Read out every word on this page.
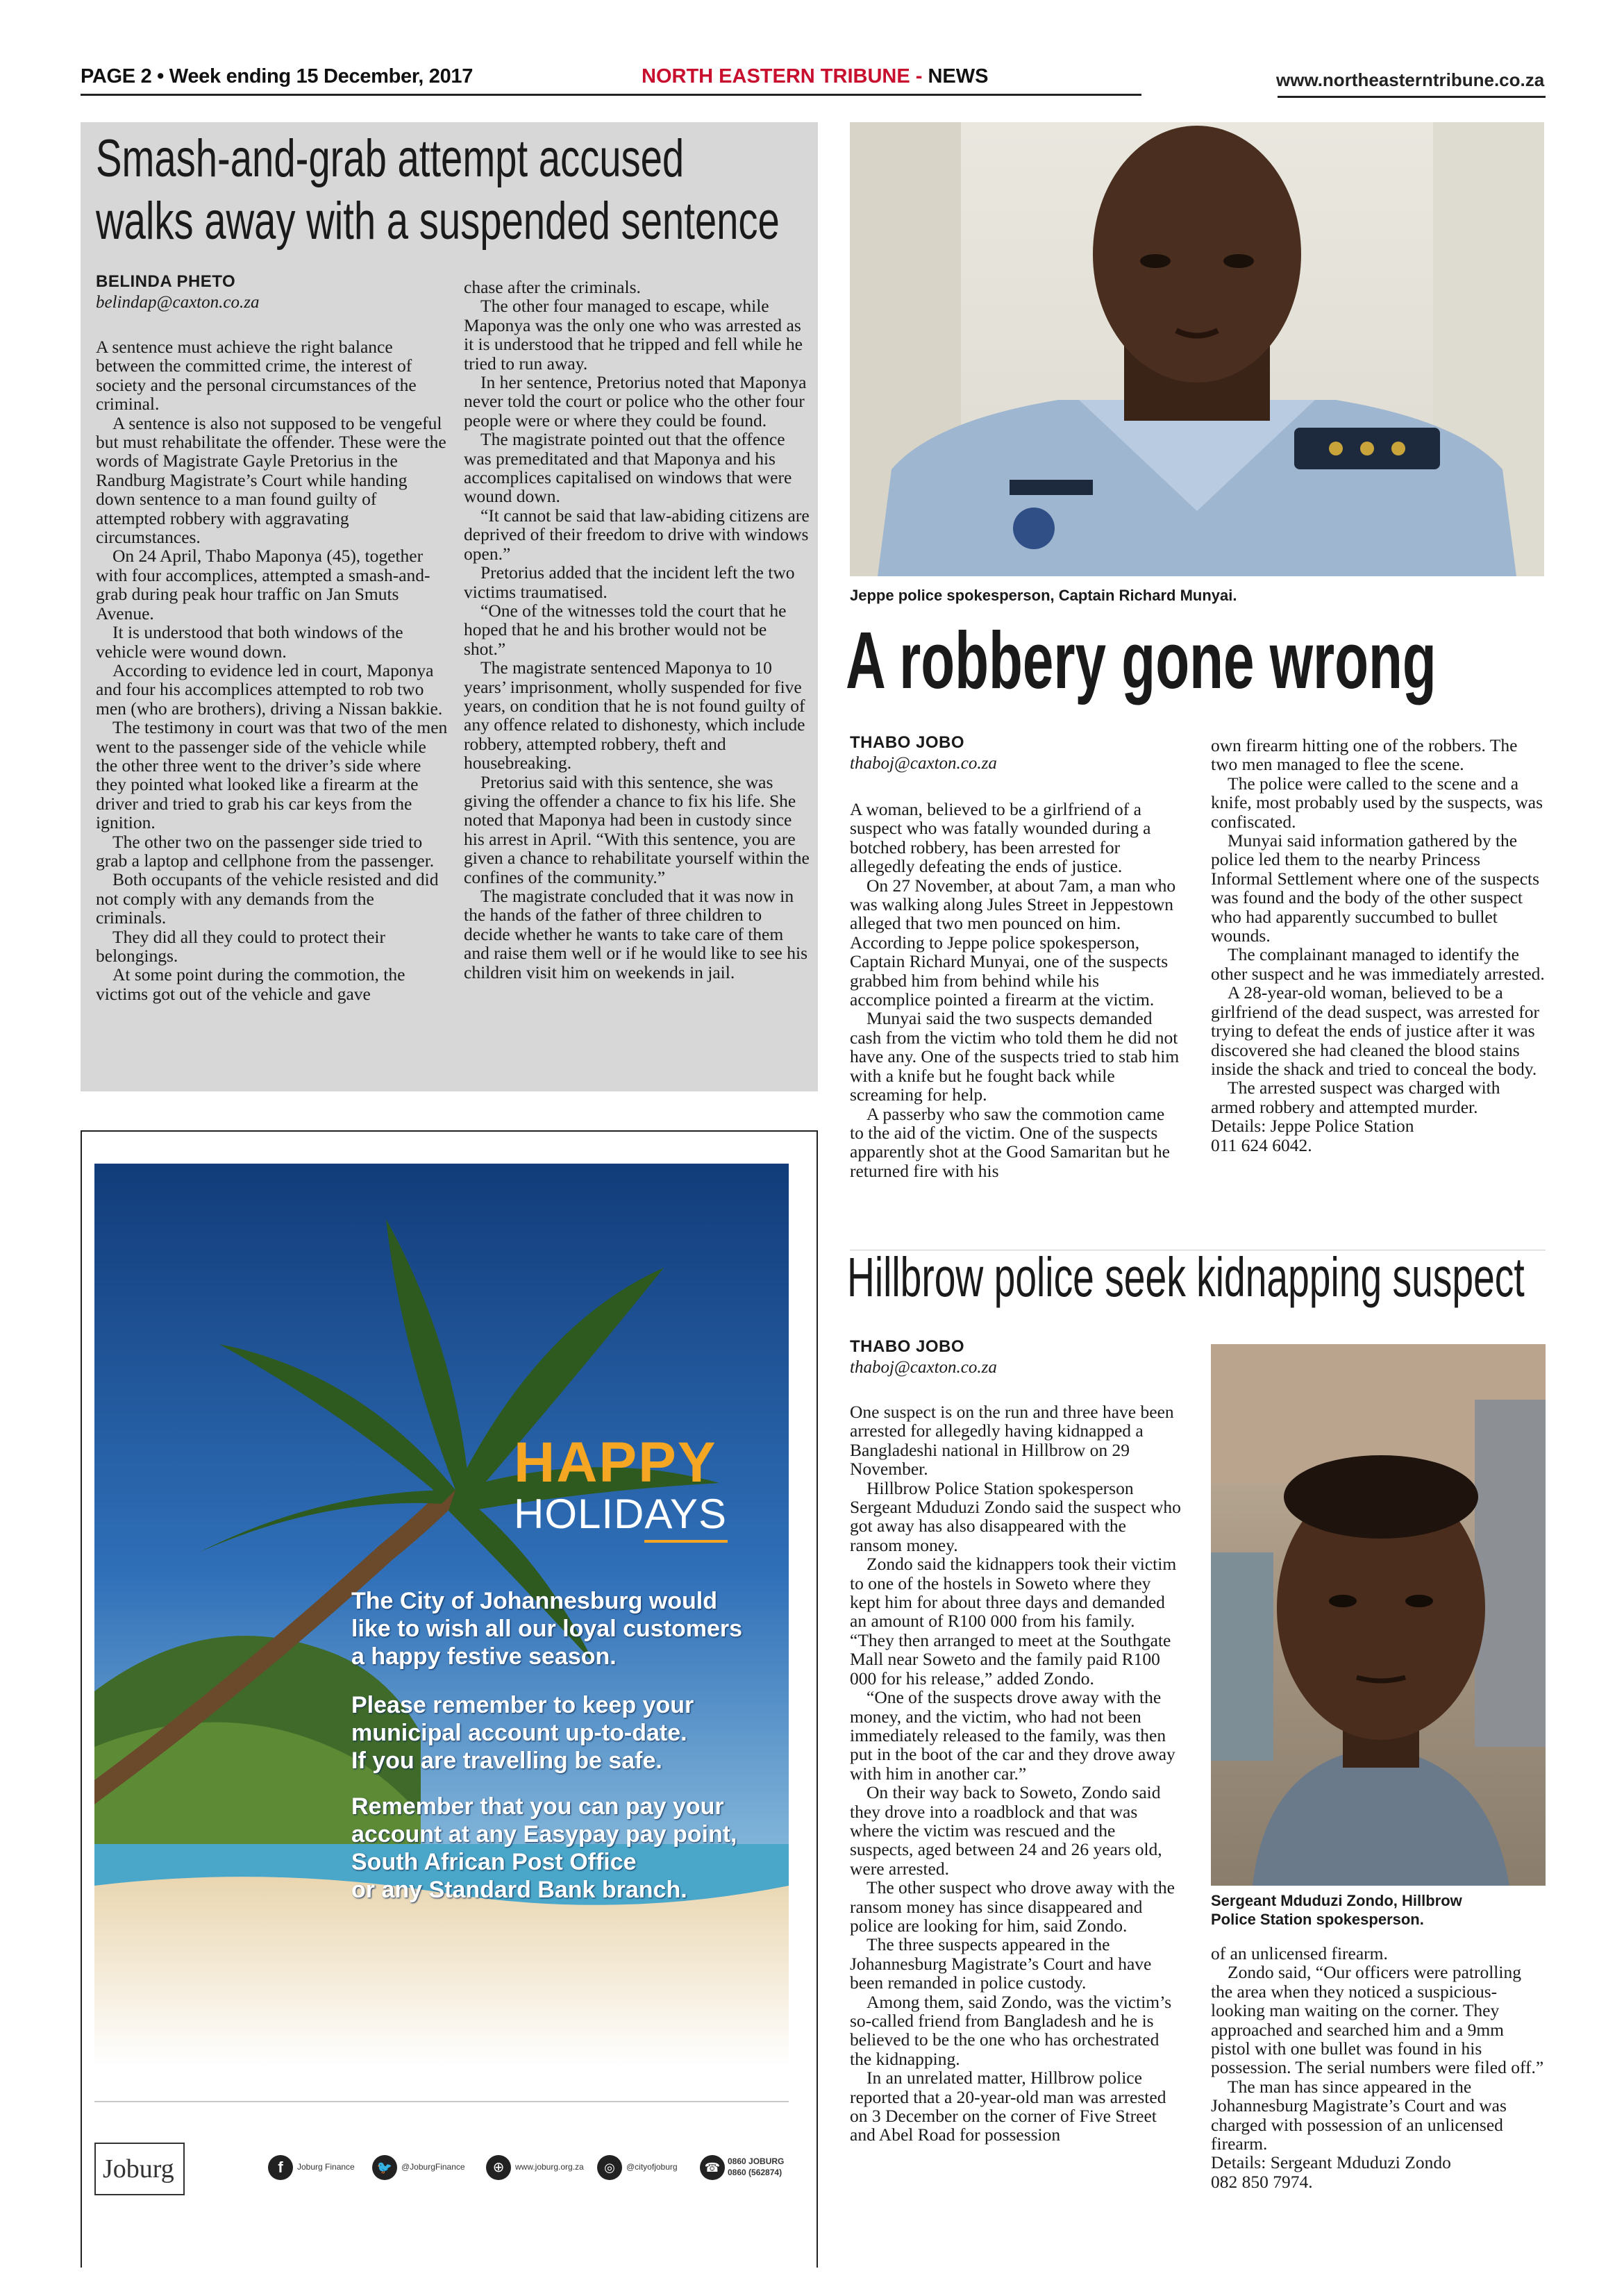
PAGE 2 • Week ending 15 December, 2017	NORTH EASTERN TRIBUNE - NEWS	www.northeasterntribune.co.za
Smash-and-grab attempt accused
walks away with a suspended sentence
BELINDA PHETO
belindap@caxton.co.za

A sentence must achieve the right balance between the committed crime, the interest of society and the personal circumstances of the criminal.

A sentence is also not supposed to be vengeful but must rehabilitate the offender. These were the words of Magistrate Gayle Pretorius in the Randburg Magistrate’s Court while handing down sentence to a man found guilty of attempted robbery with aggravating circumstances.

On 24 April, Thabo Maponya (45), together with four accomplices, attempted a smash-and-grab during peak hour traffic on Jan Smuts Avenue.

It is understood that both windows of the vehicle were wound down.

According to evidence led in court, Maponya and four his accomplices attempted to rob two men (who are brothers), driving a Nissan bakkie.

The testimony in court was that two of the men went to the passenger side of the vehicle while the other three went to the driver’s side where they pointed what looked like a firearm at the driver and tried to grab his car keys from the ignition.

The other two on the passenger side tried to grab a laptop and cellphone from the passenger.

Both occupants of the vehicle resisted and did not comply with any demands from the criminals.

They did all they could to protect their belongings.

At some point during the commotion, the victims got out of the vehicle and gave

chase after the criminals.

The other four managed to escape, while Maponya was the only one who was arrested as it is understood that he tripped and fell while he tried to run away.

In her sentence, Pretorius noted that Maponya never told the court or police who the other four people were or where they could be found.

The magistrate pointed out that the offence was premeditated and that Maponya and his accomplices capitalised on windows that were wound down.

“It cannot be said that law-abiding citizens are deprived of their freedom to drive with windows open.”

Pretorius added that the incident left the two victims traumatised.

“One of the witnesses told the court that he hoped that he and his brother would not be shot.”

The magistrate sentenced Maponya to 10 years’ imprisonment, wholly suspended for five years, on condition that he is not found guilty of any offence related to dishonesty, which include robbery, attempted robbery, theft and housebreaking.

Pretorius said with this sentence, she was giving the offender a chance to fix his life. She noted that Maponya had been in custody since his arrest in April. “With this sentence, you are given a chance to rehabilitate yourself within the confines of the community.”

The magistrate concluded that it was now in the hands of the father of three children to decide whether he wants to take care of them and raise them well or if he would like to see his children visit him on weekends in jail.

Jeppe police spokesperson, Captain Richard Munyai.
A robbery gone wrong
THABO JOBO
thaboj@caxton.co.za

A woman, believed to be a girlfriend of a suspect who was fatally wounded during a botched robbery, has been arrested for allegedly defeating the ends of justice.

On 27 November, at about 7am, a man who was walking along Jules Street in Jeppestown alleged that two men pounced on him. According to Jeppe police spokesperson, Captain Richard Munyai, one of the suspects grabbed him from behind while his accomplice pointed a firearm at the victim.

Munyai said the two suspects demanded cash from the victim who told them he did not have any. One of the suspects tried to stab him with a knife but he fought back while screaming for help.

A passerby who saw the commotion came to the aid of the victim. One of the suspects apparently shot at the Good Samaritan but he returned fire with his

own firearm hitting one of the robbers. The two men managed to flee the scene.

The police were called to the scene and a knife, most probably used by the suspects, was confiscated.

Munyai said information gathered by the police led them to the nearby Princess Informal Settlement where one of the suspects was found and the body of the other suspect who had apparently succumbed to bullet wounds.

The complainant managed to identify the other suspect and he was immediately arrested.

A 28-year-old woman, believed to be a girlfriend of the dead suspect, was arrested for trying to defeat the ends of justice after it was discovered she had cleaned the blood stains inside the shack and tried to conceal the body.

The arrested suspect was charged with armed robbery and attempted murder.

Details: Jeppe Police Station

011 624 6042.

HAPPY
HOLIDAYS
The City of Johannesburg would
like to wish all our loyal customers
a happy festive season.
Please remember to keep your
municipal account up-to-date.
If you are travelling be safe.
Remember that you can pay your
account at any Easypay pay point,
South African Post Office
or any Standard Bank branch.
Joburg	f	Joburg Finance	🐦	@JoburgFinance	⊕	www.joburg.org.za	◎	@cityofjoburg	☎ 0860 JOBURG
0860 (562874)
Hillbrow police seek kidnapping suspect
THABO JOBO
thaboj@caxton.co.za

One suspect is on the run and three have been arrested for allegedly having kidnapped a Bangladeshi national in Hillbrow on 29 November.

Hillbrow Police Station spokesperson Sergeant Mduduzi Zondo said the suspect who got away has also disappeared with the ransom money.

Zondo said the kidnappers took their victim to one of the hostels in Soweto where they kept him for about three days and demanded an amount of R100 000 from his family. “They then arranged to meet at the Southgate Mall near Soweto and the family paid R100 000 for his release,” added Zondo.

“One of the suspects drove away with the money, and the victim, who had not been immediately released to the family, was then put in the boot of the car and they drove away with him in another car.”

On their way back to Soweto, Zondo said they drove into a roadblock and that was where the victim was rescued and the suspects, aged between 24 and 26 years old, were arrested.

The other suspect who drove away with the ransom money has since disappeared and police are looking for him, said Zondo.

The three suspects appeared in the Johannesburg Magistrate’s Court and have been remanded in police custody.

Among them, said Zondo, was the victim’s so-called friend from Bangladesh and he is believed to be the one who has orchestrated the kidnapping.

In an unrelated matter, Hillbrow police reported that a 20-year-old man was arrested on 3 December on the corner of Five Street and Abel Road for possession

Sergeant Mduduzi Zondo, Hillbrow
Police Station spokesperson.

of an unlicensed firearm.

Zondo said, “Our officers were patrolling the area when they noticed a suspicious-looking man waiting on the corner. They approached and searched him and a 9mm pistol with one bullet was found in his possession. The serial numbers were filed off.”

The man has since appeared in the Johannesburg Magistrate’s Court and was charged with possession of an unlicensed firearm.

Details: Sergeant Mduduzi Zondo

082 850 7974.
